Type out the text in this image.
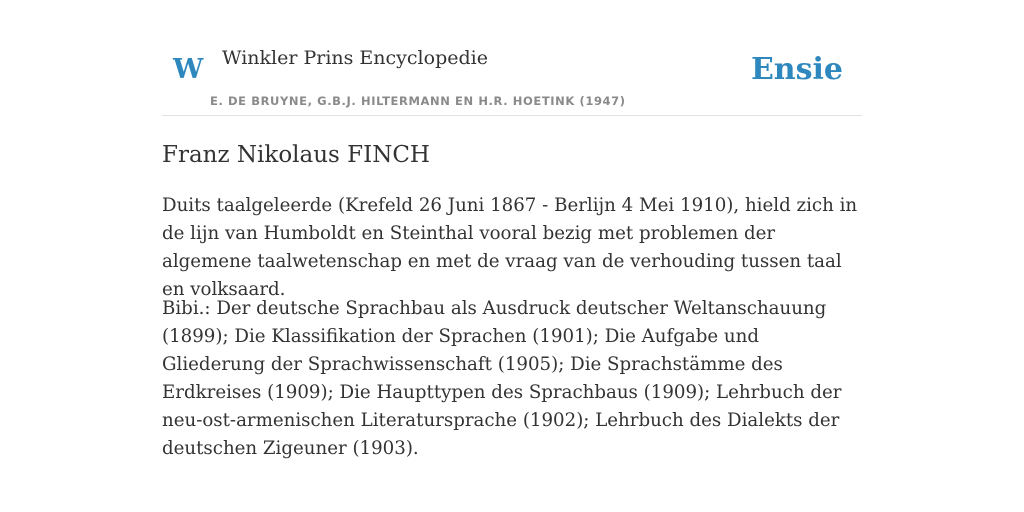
W Winkler Prins Encyclopedie
E. DE BRUYNE, G.B.J. HILTERMANN EN H.R. HOETINK (1947)
Ensie
Franz Nikolaus FINCH

Duits taalgeleerde (Krefeld 26 Juni 1867 - Berlijn 4 Mei 1910), hield zich in de lijn van Humboldt en Steinthal vooral bezig met problemen der algemene taalwetenschap en met de vraag van de verhouding tussen taal en volksaard.

Bibi.: Der deutsche Sprachbau als Ausdruck deutscher Weltanschauung (1899); Die Klassifikation der Sprachen (1901); Die Aufgabe und Gliederung der Sprachwissenschaft (1905); Die Sprachstämme des Erdkreises (1909); Die Haupttypen des Sprachbaus (1909); Lehrbuch der neu-ost-armenischen Literatursprache (1902); Lehrbuch des Dialekts der deutschen Zigeuner (1903).
